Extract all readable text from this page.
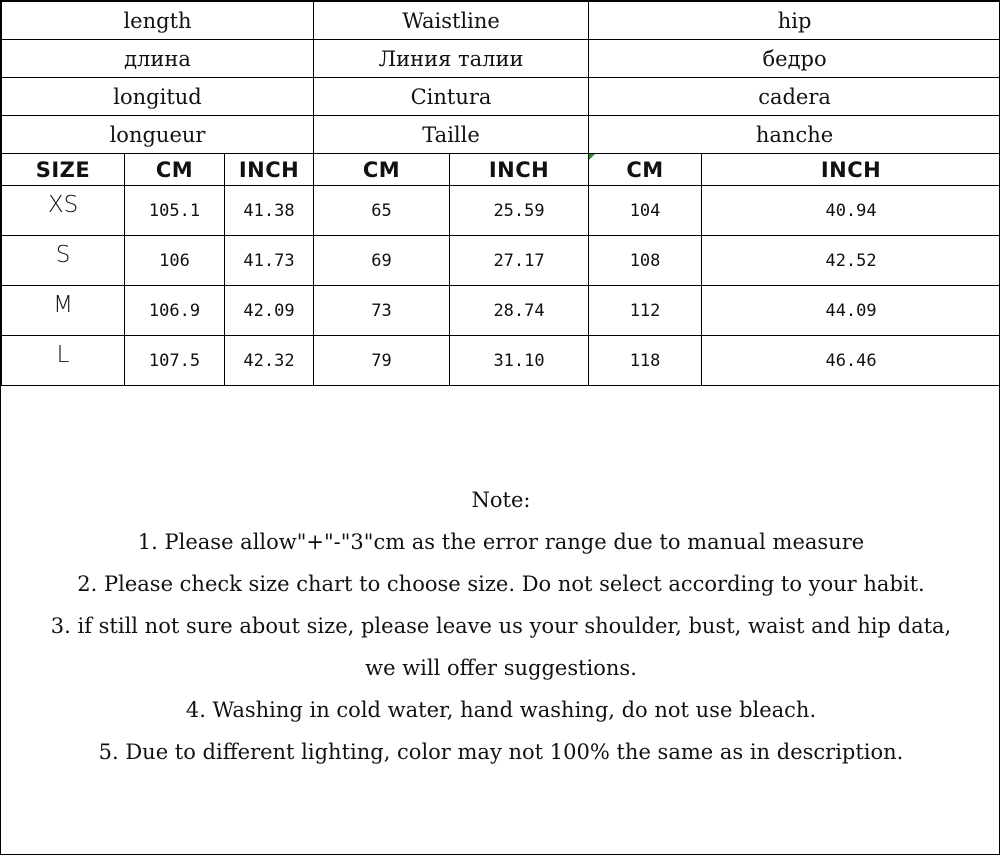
length			Waistline		hip	
длина			Линия талии		бедро	
longitud			Cintura		cadera	
longueur			Taille		hanche	
SIZE	CM	INCH	CM	INCH	CM	INCH
XS	105.1	41.38	65	25.59	104	40.94
S	106	41.73	69	27.17	108	42.52
M	106.9	42.09	73	28.74	112	44.09
L	107.5	42.32	79	31.10	118	46.46
Note:
1. Please allow"+"-"3"cm as the error range due to manual measure
2. Please check size chart to choose size. Do not select according to your habit.
3. if still not sure about size, please leave us your shoulder, bust, waist and hip data,
we will offer suggestions.
4. Washing in cold water, hand washing, do not use bleach.
5. Due to different lighting, color may not 100% the same as in description.
